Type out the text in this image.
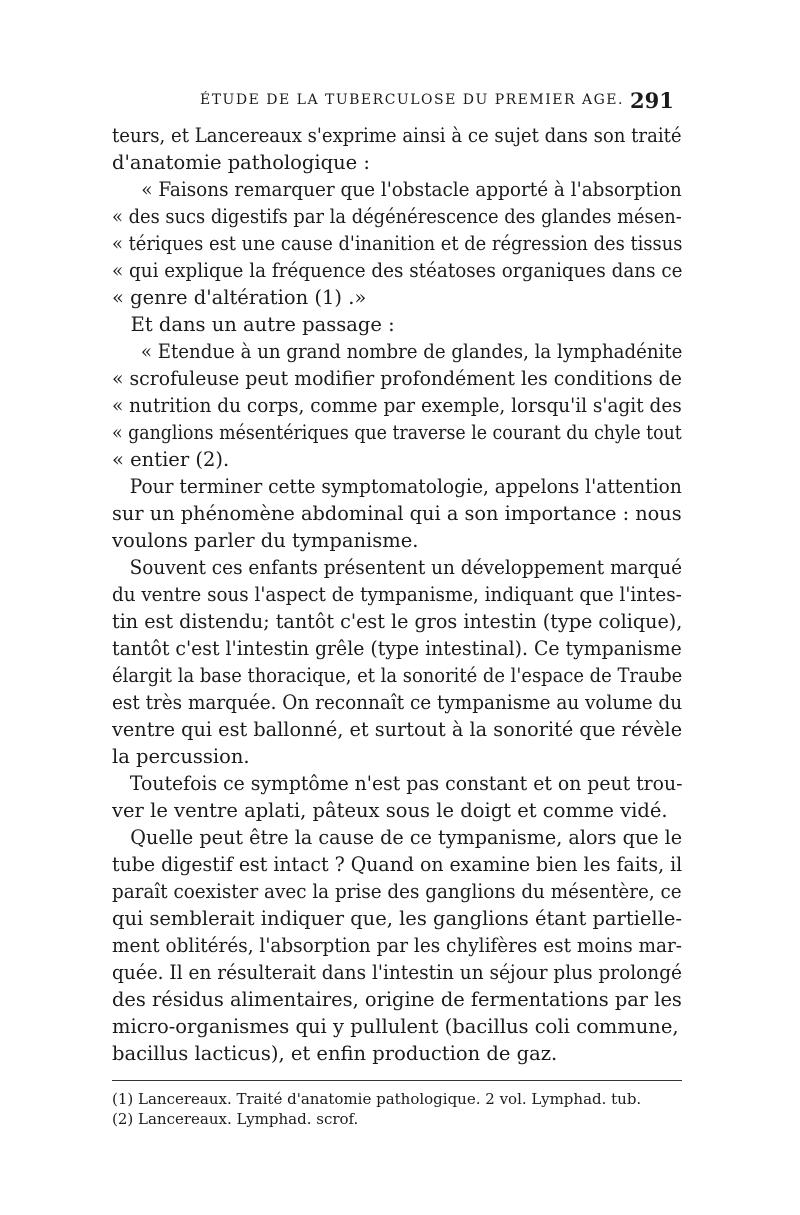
ÉTUDE DE LA TUBERCULOSE DU PREMIER AGE. 291
teurs, et Lancereaux s'exprime ainsi à ce sujet dans son traité
d'anatomie pathologique :
« Faisons remarquer que l'obstacle apporté à l'absorption
« des sucs digestifs par la dégénérescence des glandes mésen-
« tériques est une cause d'inanition et de régression des tissus
« qui explique la fréquence des stéatoses organiques dans ce
« genre d'altération (1) .»
Et dans un autre passage :
« Etendue à un grand nombre de glandes, la lymphadénite
« scrofuleuse peut modifier profondément les conditions de
« nutrition du corps, comme par exemple, lorsqu'il s'agit des
« ganglions mésentériques que traverse le courant du chyle tout
« entier (2).
Pour terminer cette symptomatologie, appelons l'attention
sur un phénomène abdominal qui a son importance : nous
voulons parler du tympanisme.
Souvent ces enfants présentent un développement marqué
du ventre sous l'aspect de tympanisme, indiquant que l'intes-
tin est distendu; tantôt c'est le gros intestin (type colique),
tantôt c'est l'intestin grêle (type intestinal). Ce tympanisme
élargit la base thoracique, et la sonorité de l'espace de Traube
est très marquée. On reconnaît ce tympanisme au volume du
ventre qui est ballonné, et surtout à la sonorité que révèle
la percussion.
Toutefois ce symptôme n'est pas constant et on peut trou-
ver le ventre aplati, pâteux sous le doigt et comme vidé.
Quelle peut être la cause de ce tympanisme, alors que le
tube digestif est intact ? Quand on examine bien les faits, il
paraît coexister avec la prise des ganglions du mésentère, ce
qui semblerait indiquer que, les ganglions étant partielle-
ment oblitérés, l'absorption par les chylifères est moins mar-
quée. Il en résulterait dans l'intestin un séjour plus prolongé
des résidus alimentaires, origine de fermentations par les
micro-organismes qui y pullulent (bacillus coli commune,
bacillus lacticus), et enfin production de gaz.
(1) Lancereaux. Traité d'anatomie pathologique. 2 vol. Lymphad. tub.
(2) Lancereaux. Lymphad. scrof.
